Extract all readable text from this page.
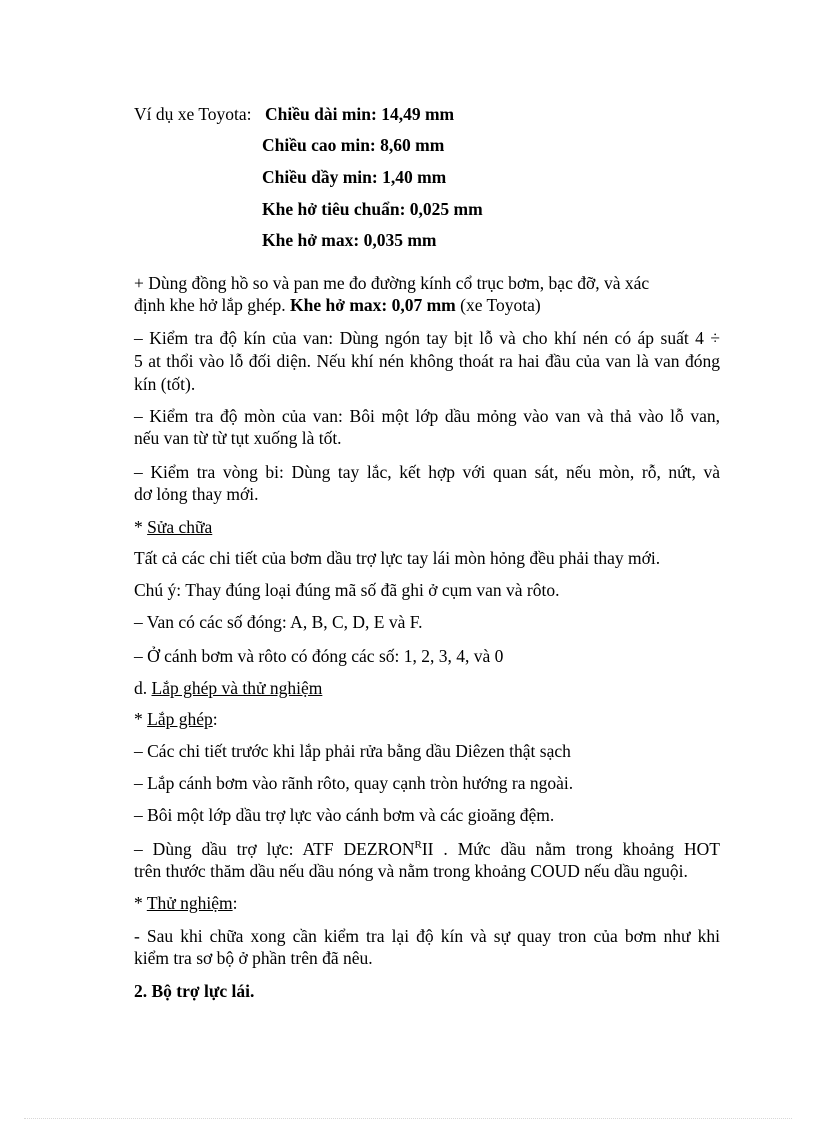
Ví dụ xe Toyota: Chiều dài min: 14,49 mm
Chiều cao min: 8,60 mm
Chiều dầy min: 1,40 mm
Khe hở tiêu chuẩn: 0,025 mm
Khe hở max: 0,035 mm
+ Dùng đồng hồ so và pan me đo đường kính cổ trục bơm, bạc đỡ, và xác
định khe hở lắp ghép. Khe hở max: 0,07 mm (xe Toyota)
– Kiểm tra độ kín của van: Dùng ngón tay bịt lỗ và cho khí nén có áp suất 4 ÷
5 at thổi vào lỗ đối diện. Nếu khí nén không thoát ra hai đầu của van là van đóng
kín (tốt).
– Kiểm tra độ mòn của van: Bôi một lớp dầu mỏng vào van và thả vào lỗ van,
nếu van từ từ tụt xuống là tốt.
– Kiểm tra vòng bi: Dùng tay lắc, kết hợp với quan sát, nếu mòn, rỗ, nứt, và
dơ lỏng thay mới.
* Sửa chữa
Tất cả các chi tiết của bơm dầu trợ lực tay lái mòn hỏng đều phải thay mới.
Chú ý: Thay đúng loại đúng mã số đã ghi ở cụm van và rôto.
– Van có các số đóng: A, B, C, D, E và F.
– Ở cánh bơm và rôto có đóng các số: 1, 2, 3, 4, và 0
d. Lắp ghép và thử nghiệm
* Lắp ghép:
– Các chi tiết trước khi lắp phải rửa bằng dầu Diêzen thật sạch
– Lắp cánh bơm vào rãnh rôto, quay cạnh tròn hướng ra ngoài.
– Bôi một lớp dầu trợ lực vào cánh bơm và các gioăng đệm.
– Dùng dầu trợ lực: ATF $DEZRON^RII$ . Mức dầu nằm trong khoảng HOT
trên thước thăm dầu nếu dầu nóng và nằm trong khoảng COUD nếu dầu nguội.
* Thử nghiệm:
- Sau khi chữa xong cần kiểm tra lại độ kín và sự quay tron của bơm như khi
kiểm tra sơ bộ ở phần trên đã nêu.
2. Bộ trợ lực lái.
